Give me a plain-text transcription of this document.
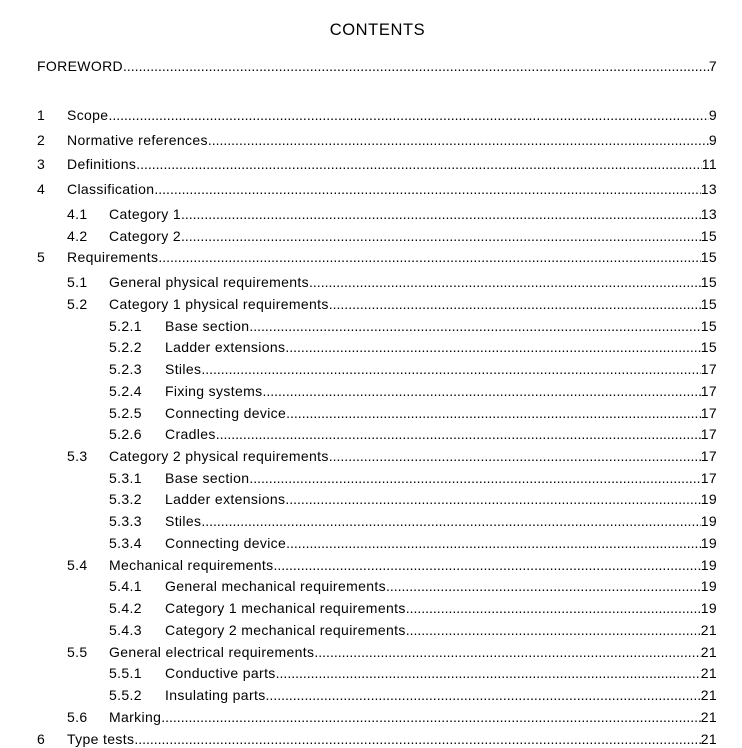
CONTENTS
FOREWORD .....	7
1 Scope .....	9
2 Normative references .....	9
3 Definitions .....	11
4 Classification .....	13
4.1 Category 1 .....	13
4.2 Category 2 .....	15
5 Requirements .....	15
5.1 General physical requirements .....	15
5.2 Category 1 physical requirements .....	15
5.2.1 Base section .....	15
5.2.2 Ladder extensions .....	15
5.2.3 Stiles .....	17
5.2.4 Fixing systems .....	17
5.2.5 Connecting device .....	17
5.2.6 Cradles .....	17
5.3 Category 2 physical requirements .....	17
5.3.1 Base section .....	17
5.3.2 Ladder extensions .....	19
5.3.3 Stiles .....	19
5.3.4 Connecting device .....	19
5.4 Mechanical requirements .....	19
5.4.1 General mechanical requirements .....	19
5.4.2 Category 1 mechanical requirements .....	19
5.4.3 Category 2 mechanical requirements .....	21
5.5 General electrical requirements .....	21
5.5.1 Conductive parts .....	21
5.5.2 Insulating parts .....	21
5.6 Marking .....	21
6 Type tests .....	21
